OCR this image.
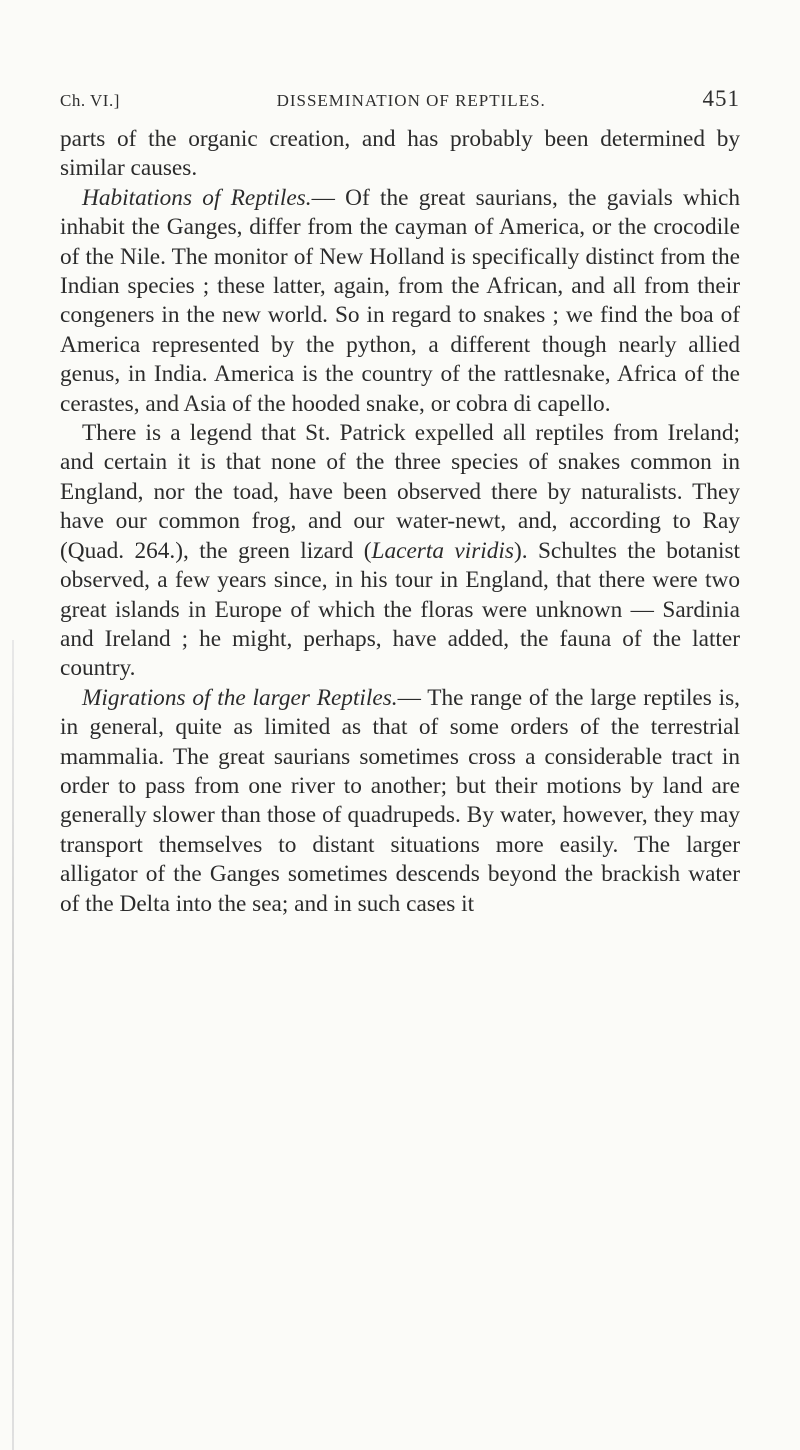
Ch. VI.]	DISSEMINATION OF REPTILES.	451

parts of the organic creation, and has probably been determined by similar causes.

Habitations of Reptiles.— Of the great saurians, the gavials which inhabit the Ganges, differ from the cayman of America, or the crocodile of the Nile. The monitor of New Holland is specifically distinct from the Indian species ; these latter, again, from the African, and all from their congeners in the new world. So in regard to snakes ; we find the boa of America represented by the python, a different though nearly allied genus, in India. America is the country of the rattlesnake, Africa of the cerastes, and Asia of the hooded snake, or cobra di capello.

There is a legend that St. Patrick expelled all reptiles from Ireland; and certain it is that none of the three species of snakes common in England, nor the toad, have been observed there by naturalists. They have our common frog, and our water-newt, and, according to Ray (Quad. 264.), the green lizard (Lacerta viridis). Schultes the botanist observed, a few years since, in his tour in England, that there were two great islands in Europe of which the floras were unknown — Sardinia and Ireland ; he might, perhaps, have added, the fauna of the latter country.

Migrations of the larger Reptiles.— The range of the large reptiles is, in general, quite as limited as that of some orders of the terrestrial mammalia. The great saurians sometimes cross a considerable tract in order to pass from one river to another; but their motions by land are generally slower than those of quadrupeds. By water, however, they may transport themselves to distant situations more easily. The larger alligator of the Ganges sometimes descends beyond the brackish water of the Delta into the sea; and in such cases it
